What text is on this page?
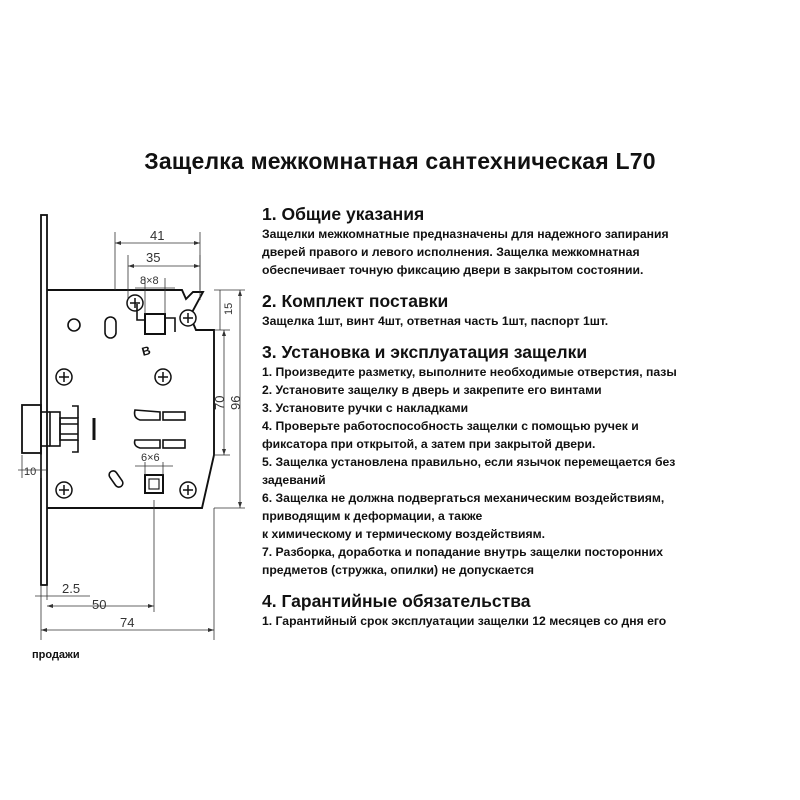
Защелка межкомнатная сантехническая L70
41
35
8×8
15
70 96
10
6×6
2.5
50
74
B

1. Общие указания

Защелки межкомнатные предназначены для надежного запирания

дверей правого и левого исполнения. Защелка межкомнатная

обеспечивает точную фиксацию двери в закрытом состоянии.

2. Комплект поставки

Защелка 1шт, винт 4шт, ответная часть 1шт, паспорт 1шт.

3. Установка и эксплуатация защелки

1. Произведите разметку, выполните необходимые отверстия, пазы

2. Установите защелку в дверь и закрепите его винтами

3. Установите ручки с накладками

4. Проверьте работоспособность защелки с помощью ручек и

фиксатора при открытой, а затем при закрытой двери.

5. Защелка установлена правильно, если язычок перемещается без

задеваний

6. Защелка не должна подвергаться механическим воздействиям,

приводящим к деформации, а также

к химическому и термическому воздействиям.

7. Разборка, доработка и попадание внутрь защелки посторонних

предметов (стружка, опилки) не допускается

4. Гарантийные обязательства

1. Гарантийный срок эксплуатации защелки 12 месяцев со дня его

продажи
